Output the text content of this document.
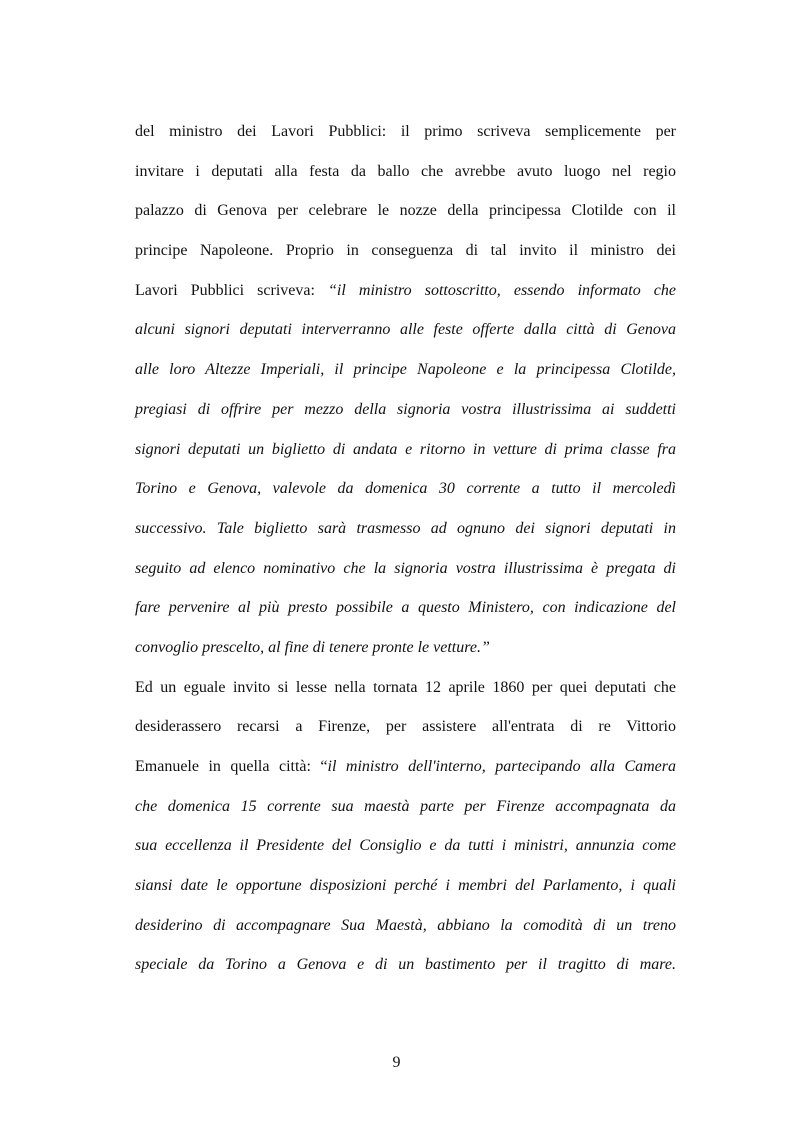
del ministro dei Lavori Pubblici: il primo scriveva semplicemente per
invitare i deputati alla festa da ballo che avrebbe avuto luogo nel regio
palazzo di Genova per celebrare le nozze della principessa Clotilde con il
principe Napoleone. Proprio in conseguenza di tal invito il ministro dei
Lavori Pubblici scriveva: “il ministro sottoscritto, essendo informato che
alcuni signori deputati interverranno alle feste offerte dalla città di Genova
alle loro Altezze Imperiali, il principe Napoleone e la principessa Clotilde,
pregiasi di offrire per mezzo della signoria vostra illustrissima ai suddetti
signori deputati un biglietto di andata e ritorno in vetture di prima classe fra
Torino e Genova, valevole da domenica 30 corrente a tutto il mercoledì
successivo. Tale biglietto sarà trasmesso ad ognuno dei signori deputati in
seguito ad elenco nominativo che la signoria vostra illustrissima è pregata di
fare pervenire al più presto possibile a questo Ministero, con indicazione del
convoglio prescelto, al fine di tenere pronte le vetture.”
Ed un eguale invito si lesse nella tornata 12 aprile 1860 per quei deputati che
desiderassero recarsi a Firenze, per assistere all'entrata di re Vittorio
Emanuele in quella città: “il ministro dell'interno, partecipando alla Camera
che domenica 15 corrente sua maestà parte per Firenze accompagnata da
sua eccellenza il Presidente del Consiglio e da tutti i ministri, annunzia come
siansi date le opportune disposizioni perché i membri del Parlamento, i quali
desiderino di accompagnare Sua Maestà, abbiano la comodità di un treno
speciale da Torino a Genova e di un bastimento per il tragitto di mare.
9
